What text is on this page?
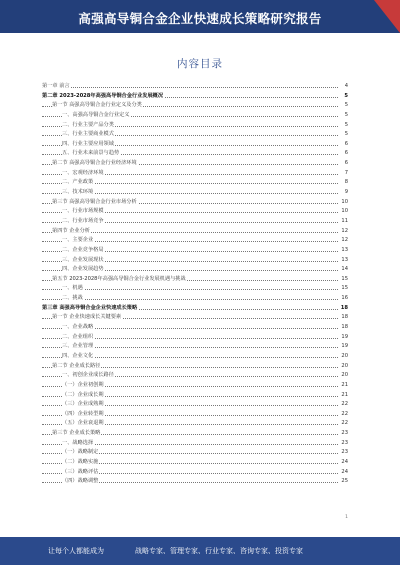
高强高导铜合金企业快速成长策略研究报告
内容目录
第一章 前言	4
第二章 2023-2028年高强高导铜合金行业发展概况	5
第一节 高强高导铜合金行业定义及分类	5
一、高强高导铜合金行业定义	5
二、行业主要产品分类	5
三、行业主要商业模式	5
四、行业主要应用领域	6
五、行业未来前景与趋势	6
第二节 高强高导铜合金行业经济环境	6
一、宏观经济环境	7
二、产业政策	8
三、技术环境	9
第三节 高强高导铜合金行业市场分析	10
一、行业市场规模	10
二、行业市场竞争	11
第四节 企业分析	12
一、主要企业	12
二、企业竞争格局	13
三、企业发展现状	13
四、企业发展趋势	14
第五节 2023-2028年高强高导铜合金行业发展机遇与挑战	15
一、机遇	15
二、挑战	16
第三章 高强高导铜合金企业快速成长策略	18
第一节 企业快速成长关键要素	18
一、企业战略	18
二、企业组织	19
三、企业管理	19
四、企业文化	20
第二节 企业成长路径	20
一、初创企业成长路径	20
（一）企业初创期	21
（二）企业成长期	21
（三）企业成熟期	22
（四）企业转型期	22
（五）企业衰退期	22
第三节 企业成长策略	23
一、战略选择	23
（一）战略制定	23
（二）战略实施	24
（三）战略评估	24
（四）战略调整	25
1
让每个人都能成为	战略专家、管理专家、行业专家、咨询专家、投资专家
